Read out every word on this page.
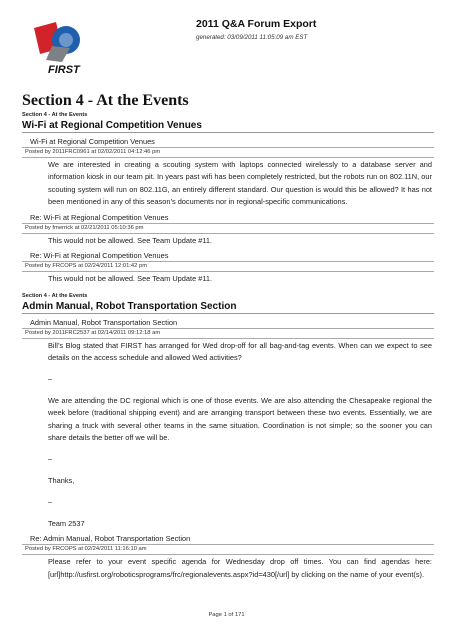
FIRST
2011 Q&A Forum Export
generated: 03/09/2011 11:05:09 am EST
Section 4 - At the Events
Section 4 - At the Events
Wi-Fi at Regional Competition Venues
Wi-Fi at Regional Competition Venues
Posted by 2011FRC0961 at 02/02/2011 04:12:46 pm

We are interested in creating a scouting system with laptops connected wirelessly to a database server and information kiosk in our team pit. In years past wifi has been completely restricted, but the robots run on 802.11N, our scouting system will run on 802.11G, an entirely different standard. Our question is would this be allowed? It has not been mentioned in any of this season’s documents nor in regional-specific communications.

Re: Wi-Fi at Regional Competition Venues
Posted by fmerrick at 02/21/2011 05:10:36 pm
This would not be allowed. See Team Update #11.
Re: Wi-Fi at Regional Competition Venues
Posted by FRCOPS at 02/24/2011 12:01:42 pm
This would not be allowed. See Team Update #11.
Section 4 - At the Events
Admin Manual, Robot Transportation Section
Admin Manual, Robot Transportation Section
Posted by 2011FRC2537 at 02/14/2011 09:12:18 am

Bill’s Blog stated that FIRST has arranged for Wed drop-off for all bag-and-tag events. When can we expect to see details on the access schedule and allowed Wed activities?

–

We are attending the DC regional which is one of those events. We are also attending the Chesapeake regional the week before (traditional shipping event) and are arranging transport between these two events. Essentially, we are sharing a truck with several other teams in the same situation. Coordination is not simple; so the sooner you can share details the better off we will be.

–

Thanks,

–

Team 2537

Re: Admin Manual, Robot Transportation Section
Posted by FRCOPS at 02/24/2011 11:16:10 am

Please refer to your event specific agenda for Wednesday drop off times. You can find agendas here: [url]http://usfirst.org/roboticsprograms/frc/regionalevents.aspx?id=430[/url] by clicking on the name of your event(s).

Page 1 of 171
